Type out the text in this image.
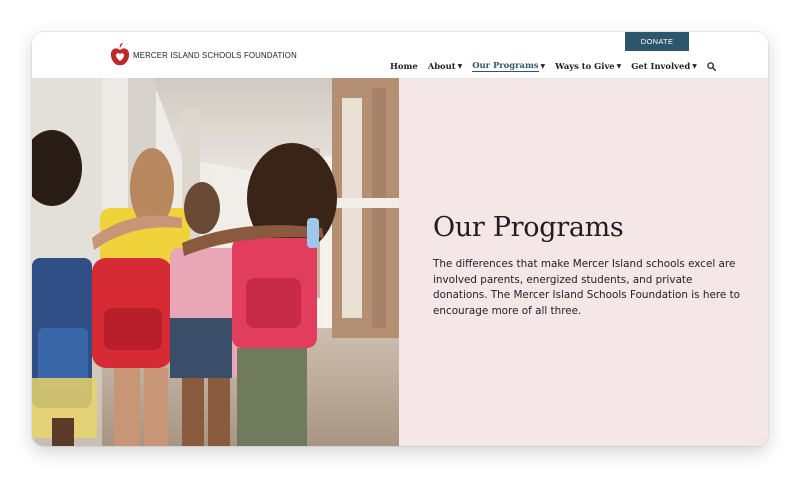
MERCER ISLAND SCHOOLS FOUNDATION
DONATE
Home About ▼ Our Programs ▼ Ways to Give ▼ Get Involved ▼
Our Programs

The differences that make Mercer Island schools excel are involved parents, energized students, and private donations. The Mercer Island Schools Foundation is here to encourage more of all three.
